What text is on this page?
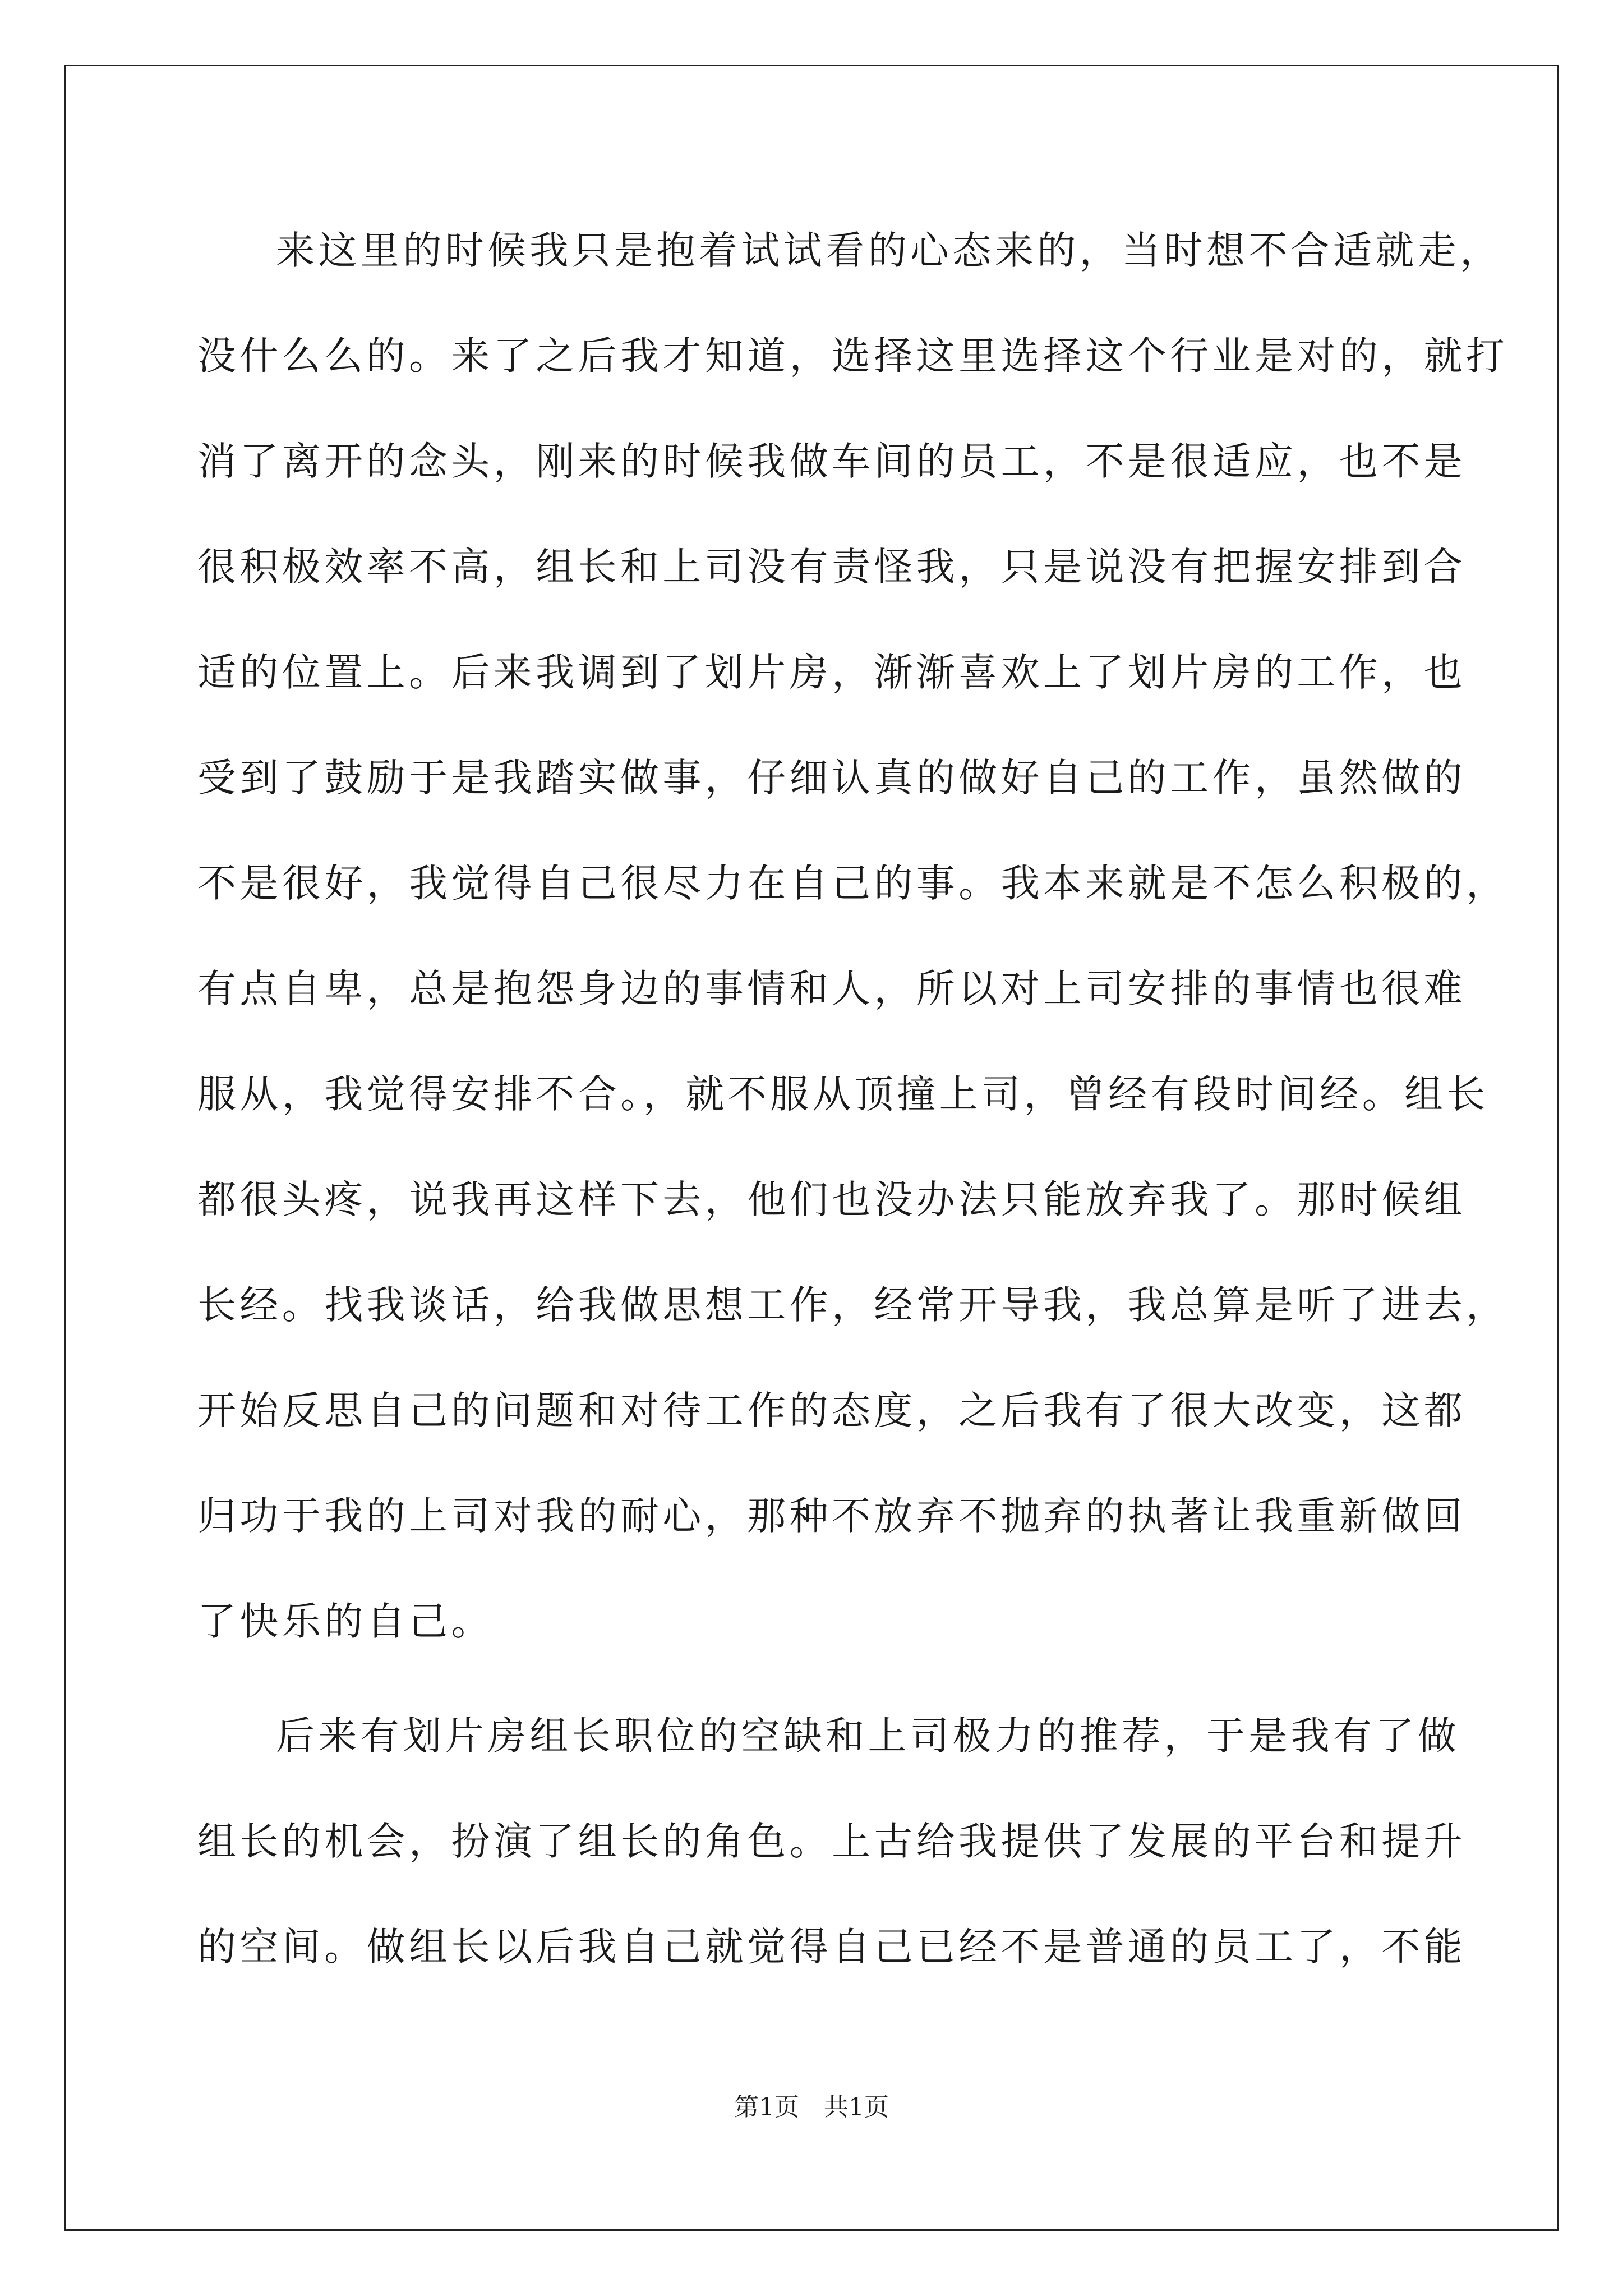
来这里的时候我只是抱着试试看的心态来的，当时想不合适就走，
没什么么的。来了之后我才知道，选择这里选择这个行业是对的，就打
消了离开的念头，刚来的时候我做车间的员工，不是很适应，也不是
很积极效率不高，组长和上司没有责怪我，只是说没有把握安排到合
适的位置上。后来我调到了划片房，渐渐喜欢上了划片房的工作，也
受到了鼓励于是我踏实做事，仔细认真的做好自己的工作，虽然做的
不是很好，我觉得自己很尽力在自己的事。我本来就是不怎么积极的，
有点自卑，总是抱怨身边的事情和人，所以对上司安排的事情也很难
服从，我觉得安排不合。，就不服从顶撞上司，曾经有段时间经。组长
都很头疼，说我再这样下去，他们也没办法只能放弃我了。那时候组
长经。找我谈话，给我做思想工作，经常开导我，我总算是听了进去，
开始反思自己的问题和对待工作的态度，之后我有了很大改变，这都
归功于我的上司对我的耐心，那种不放弃不抛弃的执著让我重新做回
了快乐的自己。
后来有划片房组长职位的空缺和上司极力的推荐，于是我有了做
组长的机会，扮演了组长的角色。上古给我提供了发展的平台和提升
的空间。做组长以后我自己就觉得自己已经不是普通的员工了，不能
第1页　共1页
